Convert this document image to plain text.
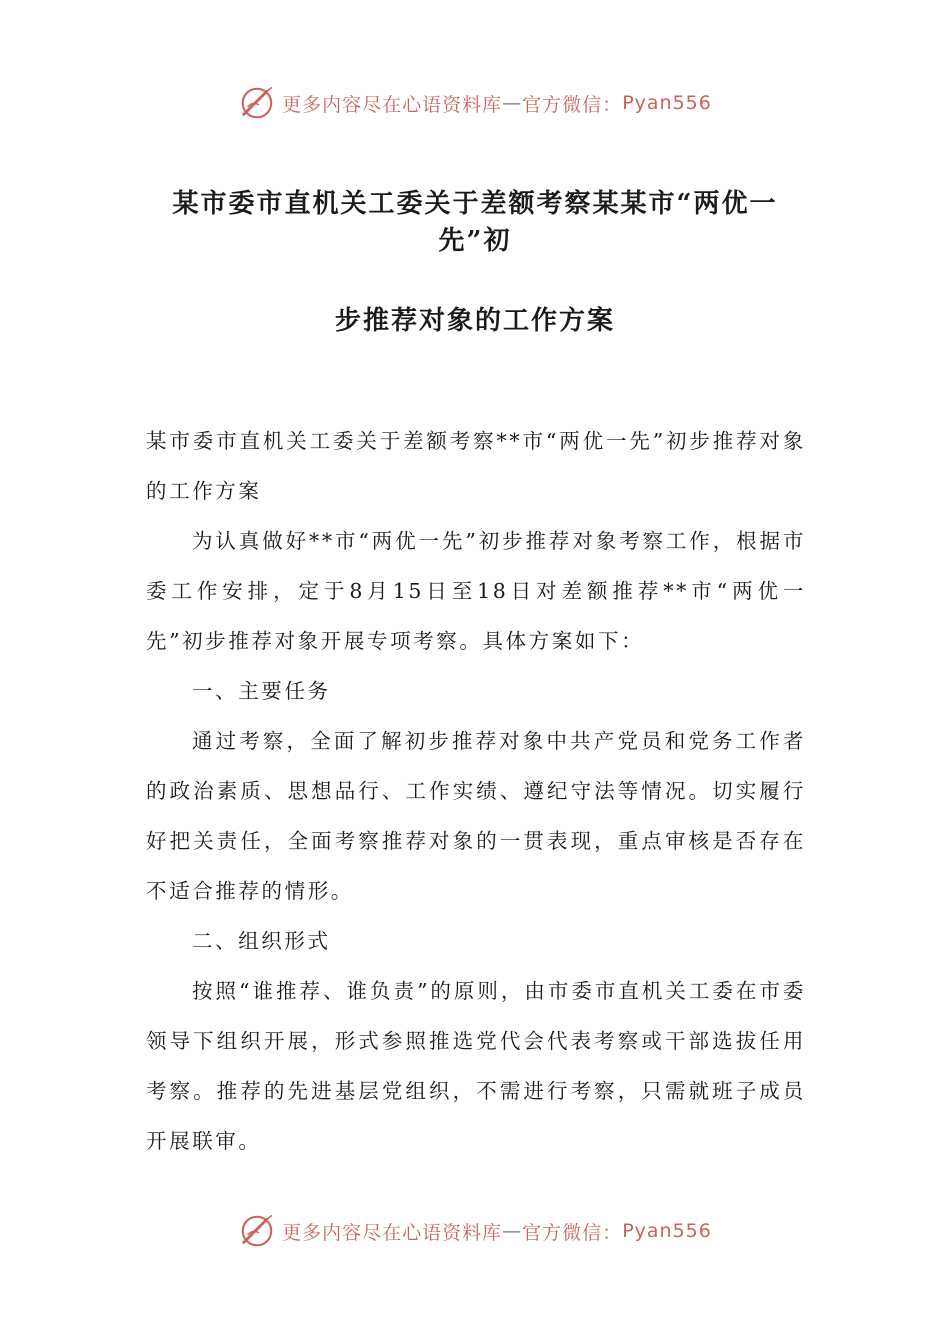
更多内容尽在心语资料库 — 官方微信： Pyan556
某市委市直机关工委关于差额考察某某市“两优一先”初
步推荐对象的工作方案

某市委市直机关工委关于差额考察**市“两优一先”初步推荐对象的工作方案

为认真做好**市“两优一先”初步推荐对象考察工作，根据市委工作安排，定于8月15日至18日对差额推荐**市“两优一先”初步推荐对象开展专项考察。具体方案如下：

一、主要任务

通过考察，全面了解初步推荐对象中共产党员和党务工作者的政治素质、思想品行、工作实绩、遵纪守法等情况。切实履行好把关责任，全面考察推荐对象的一贯表现，重点审核是否存在不适合推荐的情形。

二、组织形式

按照“谁推荐、谁负责”的原则，由市委市直机关工委在市委领导下组织开展，形式参照推选党代会代表考察或干部选拔任用考察。推荐的先进基层党组织，不需进行考察，只需就班子成员开展联审。

更多内容尽在心语资料库 — 官方微信： Pyan556
